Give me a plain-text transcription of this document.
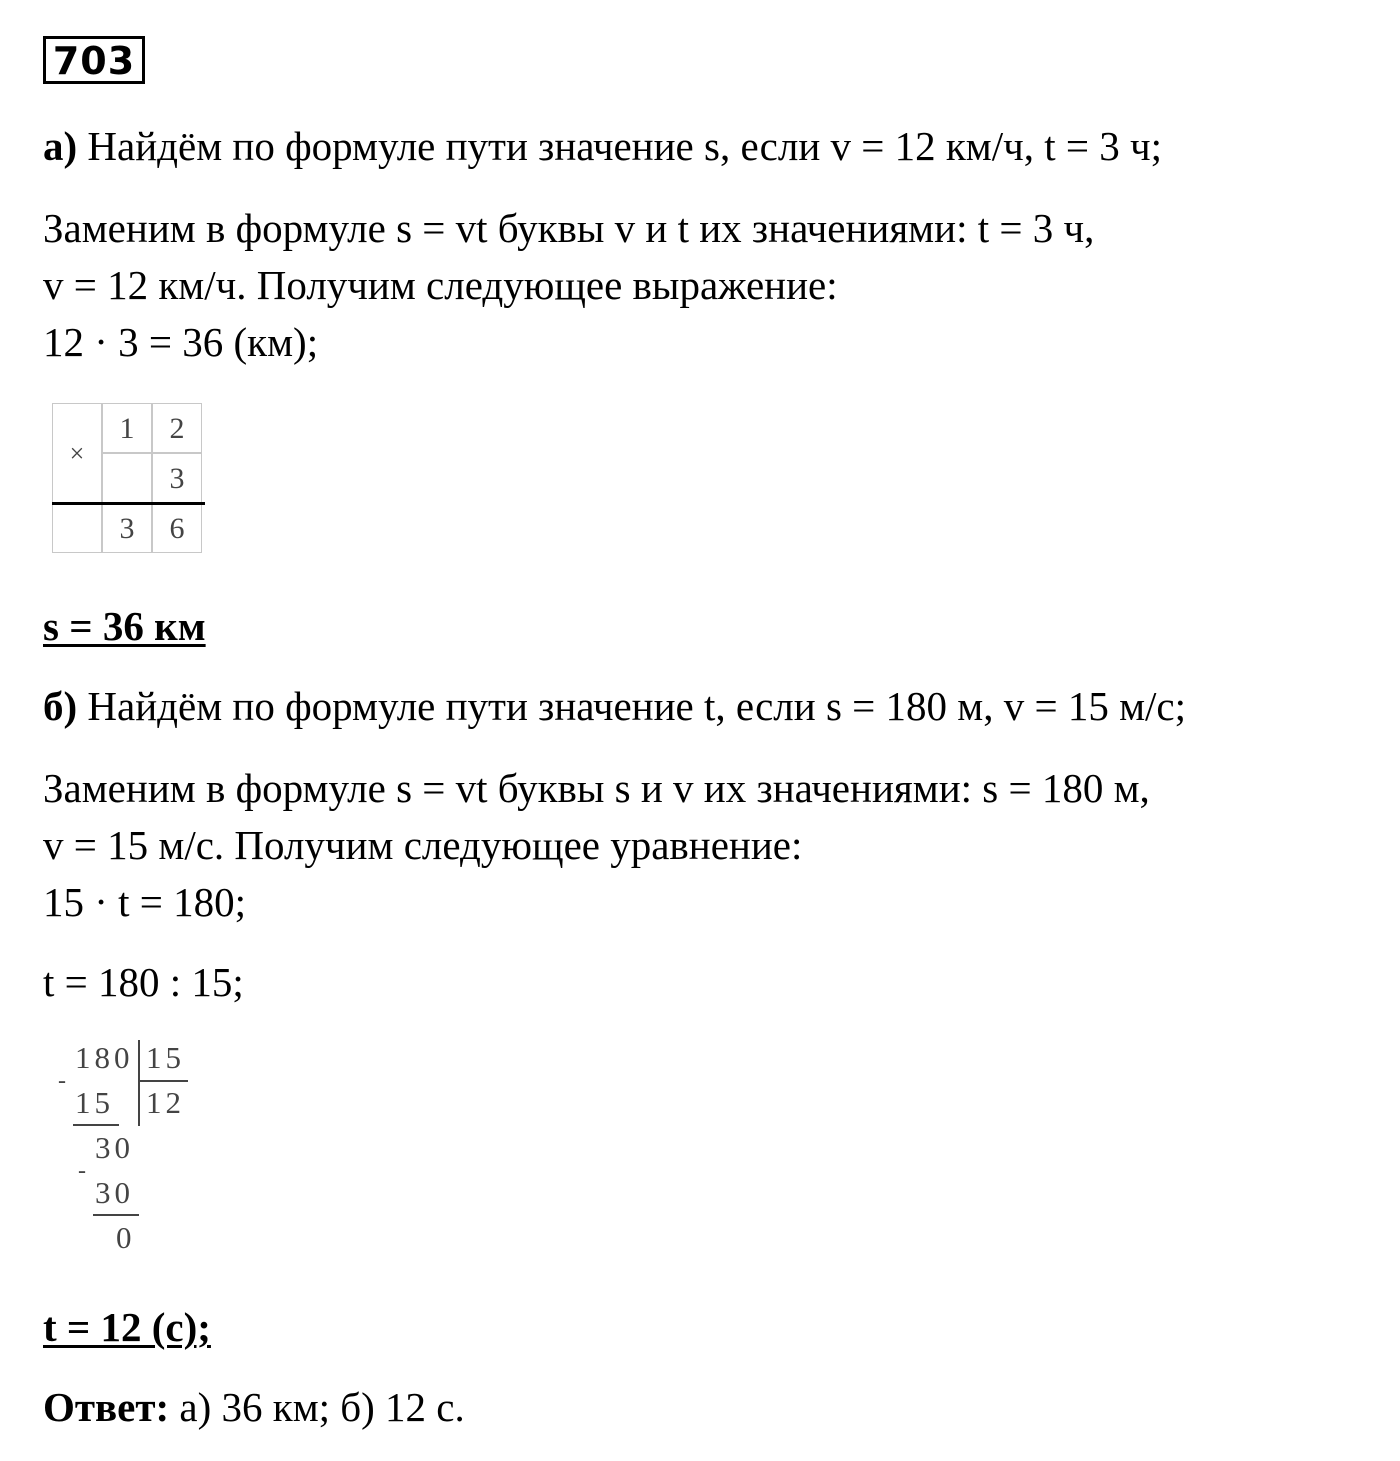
703
а) Найдём по формуле пути значение s, если v = 12 км/ч, t = 3 ч;
Заменим в формуле s = vt буквы v и t их значениями: t = 3 ч,
v = 12 км/ч. Получим следующее выражение:
12 · 3 = 36 (км);
×
1	2
3
3	6
s = 36 км
б) Найдём по формуле пути значение t, если s = 180 м, v = 15 м/с;
Заменим в формуле s = vt буквы s и v их значениями: s = 180 м,
v = 15 м/с. Получим следующее уравнение:
15 · t = 180;
t = 180 : 15;
180 15
12
-
15
30
-
30
0
t = 12 (с);
Ответ: а) 36 км; б) 12 с.
